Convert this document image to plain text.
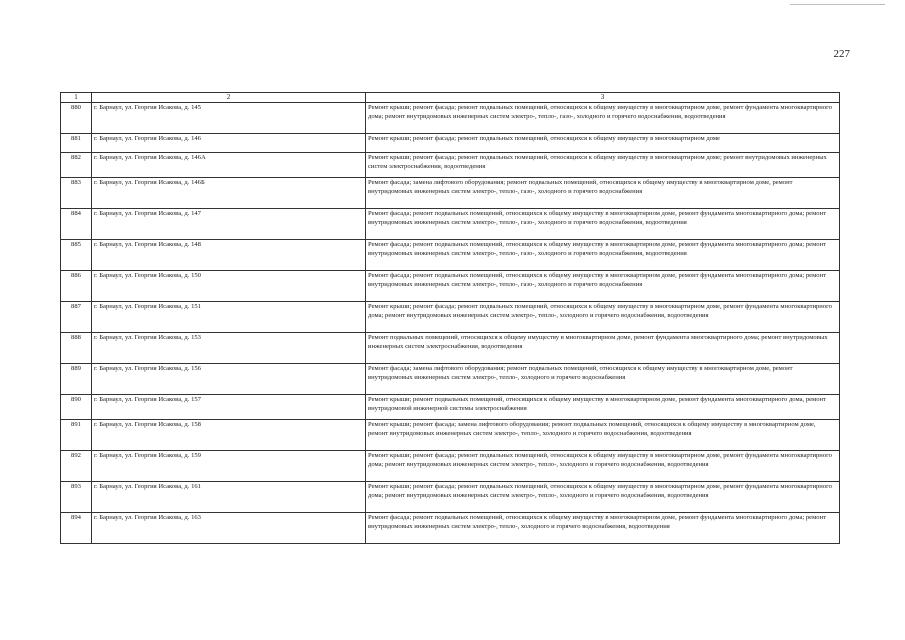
227
1	2	3
880	г. Барнаул, ул. Георгия Исакова, д. 145	Ремонт крыши; ремонт фасада; ремонт подвальных помещений, относящихся к общему имуществу в многоквартирном доме, ремонт фундамента многоквартирного дома; ремонт внутридомовых инженерных систем электро-, тепло-, газо-, холодного и горячего водоснабжения, водоотведения
881	г. Барнаул, ул. Георгия Исакова, д. 146	Ремонт крыши; ремонт фасада; ремонт подвальных помещений, относящихся к общему имуществу в многоквартирном доме
882	г. Барнаул, ул. Георгия Исакова, д. 146А	Ремонт крыши; ремонт фасада; ремонт подвальных помещений, относящихся к общему имуществу в многоквартирном доме; ремонт внутридомовых инженерных систем электроснабжения, водоотведения
883	г. Барнаул, ул. Георгия Исакова, д. 146Б	Ремонт фасада; замена лифтового оборудования; ремонт подвальных помещений, относящихся к общему имуществу в многоквартирном доме, ремонт внутридомовых инженерных систем электро-, тепло-, газо-, холодного и горячего водоснабжения
884	г. Барнаул, ул. Георгия Исакова, д. 147	Ремонт фасада; ремонт подвальных помещений, относящихся к общему имуществу в многоквартирном доме, ремонт фундамента многоквартирного дома; ремонт внутридомовых инженерных систем электро-, тепло-, газо-, холодного и горячего водоснабжения, водоотведения
885	г. Барнаул, ул. Георгия Исакова, д. 148	Ремонт фасада; ремонт подвальных помещений, относящихся к общему имуществу в многоквартирном доме, ремонт фундамента многоквартирного дома; ремонт внутридомовых инженерных систем электро-, тепло-, газо-, холодного и горячего водоснабжения, водоотведения
886	г. Барнаул, ул. Георгия Исакова, д. 150	Ремонт фасада; ремонт подвальных помещений, относящихся к общему имуществу в многоквартирном доме, ремонт фундамента многоквартирного дома; ремонт внутридомовых инженерных систем электро-, тепло-, газо-, холодного и горячего водоснабжения
887	г. Барнаул, ул. Георгия Исакова, д. 151	Ремонт крыши; ремонт фасада; ремонт подвальных помещений, относящихся к общему имуществу в многоквартирном доме, ремонт фундамента многоквартирного дома; ремонт внутридомовых инженерных систем электро-, тепло-, холодного и горячего водоснабжения, водоотведения
888	г. Барнаул, ул. Георгия Исакова, д. 153	Ремонт подвальных помещений, относящихся к общему имуществу в многоквартирном доме, ремонт фундамента многоквартирного дома; ремонт внутридомовых инженерных систем электроснабжения, водоотведения
889	г. Барнаул, ул. Георгия Исакова, д. 156	Ремонт фасада; замена лифтового оборудования; ремонт подвальных помещений, относящихся к общему имуществу в многоквартирном доме, ремонт внутридомовых инженерных систем электро-, тепло-, холодного и горячего водоснабжения
890	г. Барнаул, ул. Георгия Исакова, д. 157	Ремонт крыши; ремонт подвальных помещений, относящихся к общему имуществу в многоквартирном доме, ремонт фундамента многоквартирного дома, ремонт внутридомовой инженерной системы электроснабжения
891	г. Барнаул, ул. Георгия Исакова, д. 158	Ремонт крыши; ремонт фасада; замена лифтового оборудования; ремонт подвальных помещений, относящихся к общему имуществу в многоквартирном доме, ремонт внутридомовых инженерных систем электро-, тепло-, холодного и горячего водоснабжения, водоотведения
892	г. Барнаул, ул. Георгия Исакова, д. 159	Ремонт крыши; ремонт фасада; ремонт подвальных помещений, относящихся к общему имуществу в многоквартирном доме, ремонт фундамента многоквартирного дома; ремонт внутридомовых инженерных систем электро-, тепло-, холодного и горячего водоснабжения, водоотведения
893	г. Барнаул, ул. Георгия Исакова, д. 161	Ремонт крыши; ремонт фасада; ремонт подвальных помещений, относящихся к общему имуществу в многоквартирном доме, ремонт фундамента многоквартирного дома; ремонт внутридомовых инженерных систем электро-, тепло-, холодного и горячего водоснабжения, водоотведения
894	г. Барнаул, ул. Георгия Исакова, д. 163	Ремонт фасада; ремонт подвальных помещений, относящихся к общему имуществу в многоквартирном доме, ремонт фундамента многоквартирного дома; ремонт внутридомовых инженерных систем электро-, тепло-, холодного и горячего водоснабжения, водоотведения
